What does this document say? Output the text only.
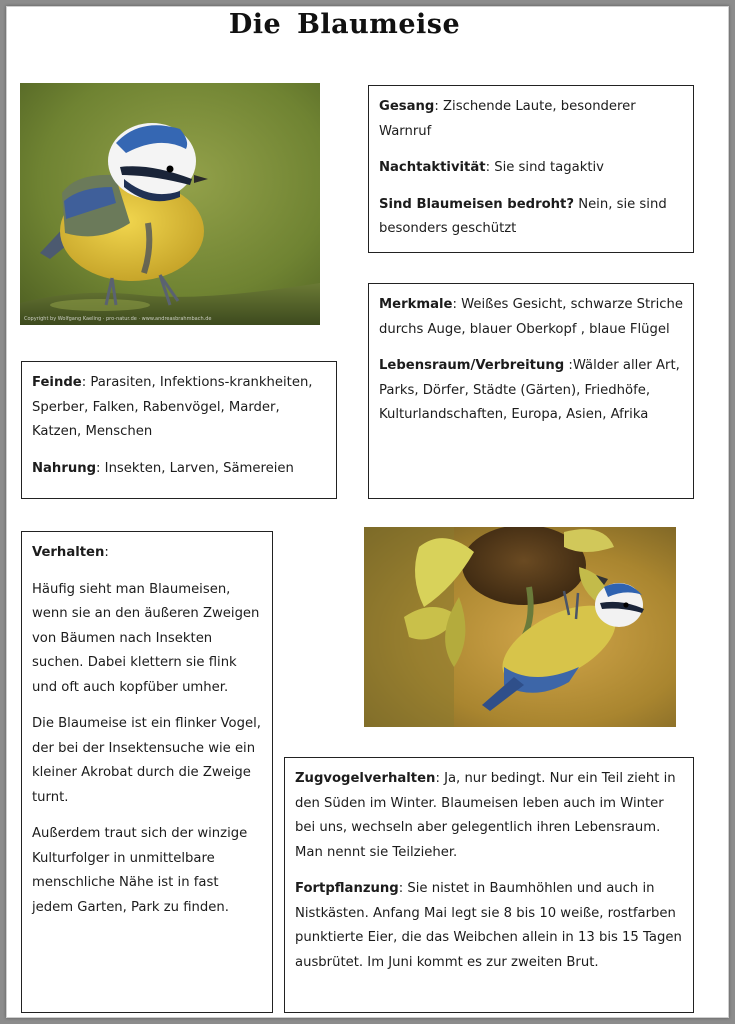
Die Blaumeise
Copyright by Wolfgang Kaeling · pro-natur.de · www.andreasbrahmbach.de

Gesang: Zischende Laute, besonderer Warnruf

Nachtaktivität: Sie sind tagaktiv

Sind Blaumeisen bedroht? Nein, sie sind besonders geschützt

Merkmale: Weißes Gesicht, schwarze Striche durchs Auge, blauer Oberkopf , blaue Flügel

Lebensraum/Verbreitung :Wälder aller Art, Parks, Dörfer, Städte (Gärten), Friedhöfe, Kulturlandschaften, Europa, Asien, Afrika

Feinde: Parasiten, Infektions-krankheiten, Sperber, Falken, Rabenvögel, Marder, Katzen, Menschen

Nahrung: Insekten, Larven, Sämereien

Verhalten:

Häufig sieht man Blaumeisen, wenn sie an den äußeren Zweigen von Bäumen nach Insekten suchen. Dabei klettern sie flink und oft auch kopfüber umher.

Die Blaumeise ist ein flinker Vogel, der bei der Insektensuche wie ein kleiner Akrobat durch die Zweige turnt.

Außerdem traut sich der winzige Kulturfolger in unmittelbare menschliche Nähe ist in fast jedem Garten, Park zu finden.

Zugvogelverhalten: Ja, nur bedingt. Nur ein Teil zieht in den Süden im Winter. Blaumeisen leben auch im Winter bei uns, wechseln aber gelegentlich ihren Lebensraum. Man nennt sie Teilzieher.

Fortpflanzung: Sie nistet in Baumhöhlen und auch in Nistkästen. Anfang Mai legt sie 8 bis 10 weiße, rostfarben punktierte Eier, die das Weibchen allein in 13 bis 15 Tagen ausbrütet. Im Juni kommt es zur zweiten Brut.
